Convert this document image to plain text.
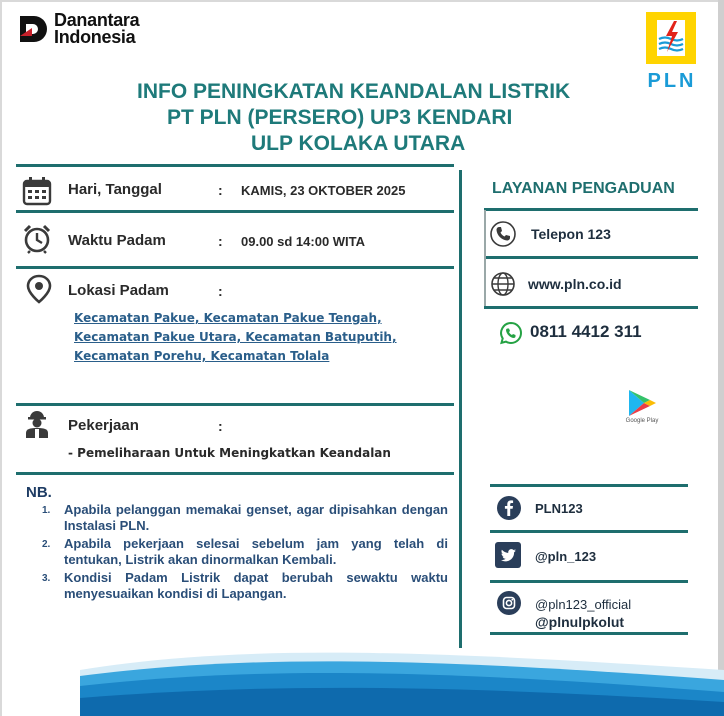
Danantara
Indonesia
PLN
INFO PENINGKATAN KEANDALAN LISTRIK
PT PLN (PERSERO) UP3 KENDARI
ULP KOLAKA UTARA
Hari, Tanggal	: KAMIS, 23 OKTOBER 2025
Waktu Padam	: 09.00 sd 14:00 WITA
Lokasi Padam	:
Kecamatan Pakue, Kecamatan Pakue Tengah,
Kecamatan Pakue Utara, Kecamatan Batuputih,
Kecamatan Porehu, Kecamatan Tolala
Pekerjaan	:
- Pemeliharaan Untuk Meningkatkan Keandalan
NB.
1. Apabila pelanggan memakai genset, agar dipisahkan dengan Instalasi PLN.
2. Apabila pekerjaan selesai sebelum jam yang telah di tentukan, Listrik akan dinormalkan Kembali.
3. Kondisi Padam Listrik dapat berubah sewaktu waktu menyesuaikan kondisi di Lapangan.
LAYANAN PENGADUAN
Telepon 123
www.pln.co.id
0811 4412 311
Google Play
PLN123
@pln_123
@pln123_official
@plnulpkolut
